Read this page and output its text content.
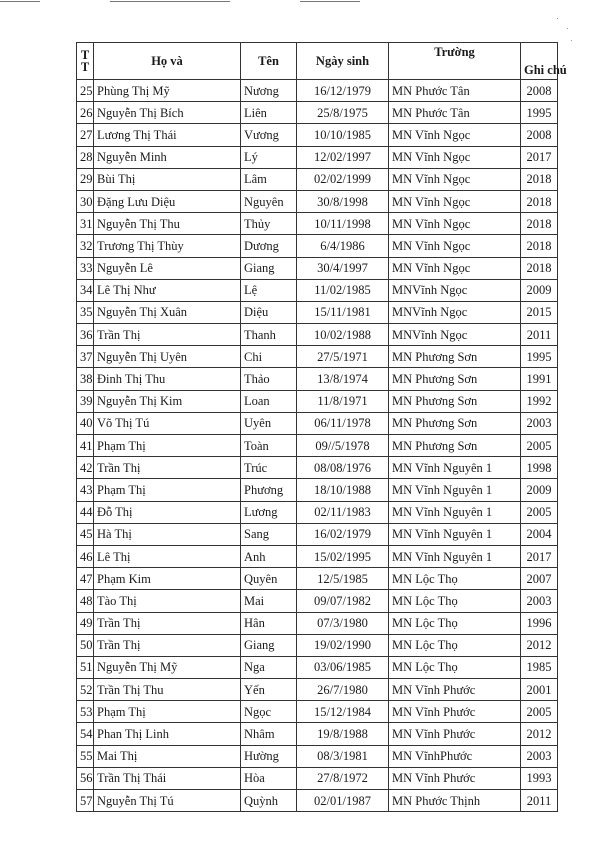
T
T	Họ và	Tên	Ngày sinh	Trường	Ghi chú
25	Phùng Thị Mỹ	Nương	16/12/1979	MN Phước Tân	2008
26	Nguyễn Thị Bích	Liên	25/8/1975	MN Phước Tân	1995
27	Lương Thị Thái	Vương	10/10/1985	MN Vĩnh Ngọc	2008
28	Nguyễn Minh	Lý	12/02/1997	MN Vĩnh Ngọc	2017
29	Bùi Thị	Lâm	02/02/1999	MN Vĩnh Ngọc	2018
30	Đặng Lưu Diệu	Nguyên	30/8/1998	MN Vĩnh Ngọc	2018
31	Nguyễn Thị Thu	Thủy	10/11/1998	MN Vĩnh Ngọc	2018
32	Trương Thị Thùy	Dương	6/4/1986	MN Vĩnh Ngọc	2018
33	Nguyễn Lê	Giang	30/4/1997	MN Vĩnh Ngọc	2018
34	Lê Thị Như	Lệ	11/02/1985	MNVĩnh Ngọc	2009
35	Nguyễn Thị Xuân	Diệu	15/11/1981	MNVĩnh Ngọc	2015
36	Trần Thị	Thanh	10/02/1988	MNVĩnh Ngọc	2011
37	Nguyễn Thị Uyên	Chi	27/5/1971	MN Phương Sơn	1995
38	Đinh Thị Thu	Thảo	13/8/1974	MN Phương Sơn	1991
39	Nguyễn Thị Kim	Loan	11/8/1971	MN Phương Sơn	1992
40	Võ Thị Tú	Uyên	06/11/1978	MN Phương Sơn	2003
41	Phạm Thị	Toàn	09//5/1978	MN Phương Sơn	2005
42	Trần Thị	Trúc	08/08/1976	MN Vĩnh Nguyên 1	1998
43	Phạm Thị	Phương	18/10/1988	MN Vĩnh Nguyên 1	2009
44	Đỗ Thị	Lương	02/11/1983	MN Vĩnh Nguyên 1	2005
45	Hà Thị	Sang	16/02/1979	MN Vĩnh Nguyên 1	2004
46	Lê Thị	Anh	15/02/1995	MN Vĩnh Nguyên 1	2017
47	Phạm Kim	Quyên	12/5/1985	MN Lộc Thọ	2007
48	Tào Thị	Mai	09/07/1982	MN Lộc Thọ	2003
49	Trần Thị	Hân	07/3/1980	MN Lộc Thọ	1996
50	Trần Thị	Giang	19/02/1990	MN Lộc Thọ	2012
51	Nguyễn Thị Mỹ	Nga	03/06/1985	MN Lộc Thọ	1985
52	Trần Thị Thu	Yến	26/7/1980	MN Vĩnh Phước	2001
53	Phạm Thị	Ngọc	15/12/1984	MN Vĩnh Phước	2005
54	Phan Thị Linh	Nhâm	19/8/1988	MN Vĩnh Phước	2012
55	Mai Thị	Hường	08/3/1981	MN VĩnhPhước	2003
56	Trần Thị Thái	Hòa	27/8/1972	MN Vĩnh Phước	1993
57	Nguyễn Thị Tú	Quỳnh	02/01/1987	MN Phước Thịnh	2011
